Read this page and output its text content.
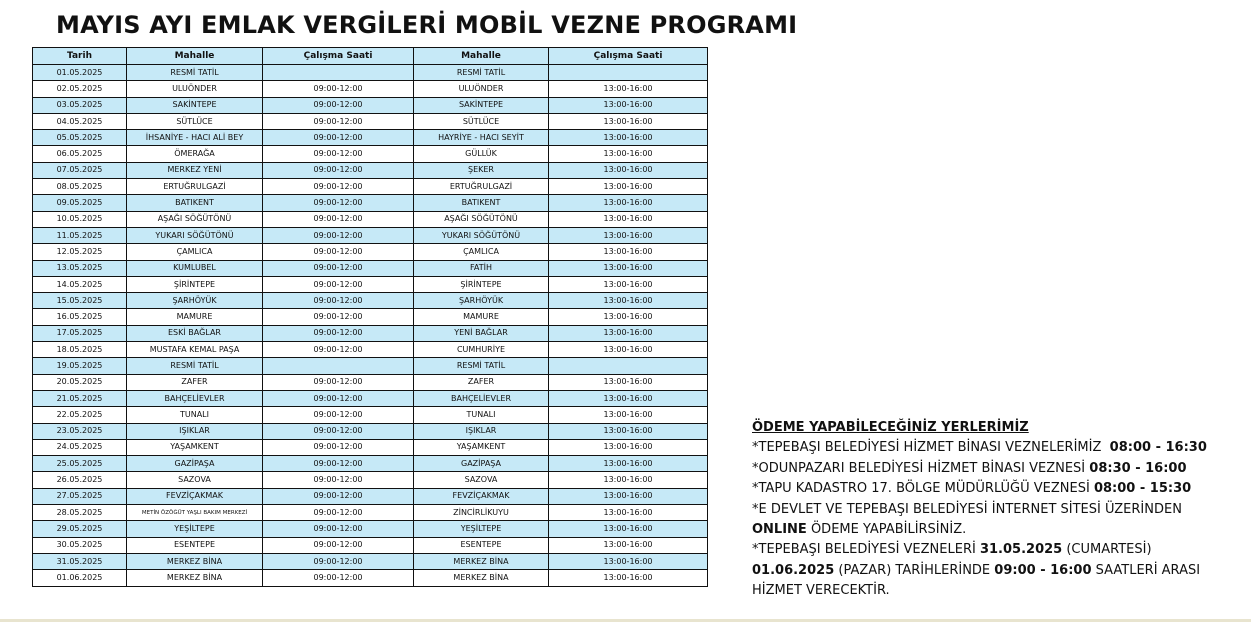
MAYIS AYI EMLAK VERGİLERİ MOBİL VEZNE PROGRAMI
Tarih	Mahalle	Çalışma Saati	Mahalle	Çalışma Saati
01.05.2025	RESMİ TATİL		RESMİ TATİL	
02.05.2025	ULUÖNDER	09:00-12:00	ULUÖNDER	13:00-16:00
03.05.2025	SAKİNTEPE	09:00-12:00	SAKİNTEPE	13:00-16:00
04.05.2025	SÜTLÜCE	09:00-12:00	SÜTLÜCE	13:00-16:00
05.05.2025	İHSANİYE - HACI ALİ BEY	09:00-12:00	HAYRİYE - HACI SEYİT	13:00-16:00
06.05.2025	ÖMERAĞA	09:00-12:00	GÜLLÜK	13:00-16:00
07.05.2025	MERKEZ YENİ	09:00-12:00	ŞEKER	13:00-16:00
08.05.2025	ERTUĞRULGAZİ	09:00-12:00	ERTUĞRULGAZİ	13:00-16:00
09.05.2025	BATIKENT	09:00-12:00	BATIKENT	13:00-16:00
10.05.2025	AŞAĞI SÖĞÜTÖNÜ	09:00-12:00	AŞAĞI SÖĞÜTÖNÜ	13:00-16:00
11.05.2025	YUKARI SÖĞÜTÖNÜ	09:00-12:00	YUKARI SÖĞÜTÖNÜ	13:00-16:00
12.05.2025	ÇAMLICA	09:00-12:00	ÇAMLICA	13:00-16:00
13.05.2025	KUMLUBEL	09:00-12:00	FATİH	13:00-16:00
14.05.2025	ŞİRİNTEPE	09:00-12:00	ŞİRİNTEPE	13:00-16:00
15.05.2025	ŞARHÖYÜK	09:00-12:00	ŞARHÖYÜK	13:00-16:00
16.05.2025	MAMURE	09:00-12:00	MAMURE	13:00-16:00
17.05.2025	ESKİ BAĞLAR	09:00-12:00	YENİ BAĞLAR	13:00-16:00
18.05.2025	MUSTAFA KEMAL PAŞA	09:00-12:00	CUMHURİYE	13:00-16:00
19.05.2025	RESMİ TATİL		RESMİ TATİL	
20.05.2025	ZAFER	09:00-12:00	ZAFER	13:00-16:00
21.05.2025	BAHÇELİEVLER	09:00-12:00	BAHÇELİEVLER	13:00-16:00
22.05.2025	TUNALI	09:00-12:00	TUNALI	13:00-16:00
23.05.2025	IŞIKLAR	09:00-12:00	IŞIKLAR	13:00-16:00
24.05.2025	YAŞAMKENT	09:00-12:00	YAŞAMKENT	13:00-16:00
25.05.2025	GAZİPAŞA	09:00-12:00	GAZİPAŞA	13:00-16:00
26.05.2025	SAZOVA	09:00-12:00	SAZOVA	13:00-16:00
27.05.2025	FEVZİÇAKMAK	09:00-12:00	FEVZİÇAKMAK	13:00-16:00
28.05.2025	METİN ÖZÖĞÜT YAŞLI BAKIM MERKEZİ	09:00-12:00	ZİNCİRLİKUYU	13:00-16:00
29.05.2025	YEŞİLTEPE	09:00-12:00	YEŞİLTEPE	13:00-16:00
30.05.2025	ESENTEPE	09:00-12:00	ESENTEPE	13:00-16:00
31.05.2025	MERKEZ BİNA	09:00-12:00	MERKEZ BİNA	13:00-16:00
01.06.2025	MERKEZ BİNA	09:00-12:00	MERKEZ BİNA	13:00-16:00

ÖDEME YAPABİLECEĞİNİZ YERLERİMİZ

*TEPEBAŞI BELEDİYESİ HİZMET BİNASI VEZNELERİMİZ 08:00 - 16:30

*ODUNPAZARI BELEDİYESİ HİZMET BİNASI VEZNESİ 08:30 - 16:00

*TAPU KADASTRO 17. BÖLGE MÜDÜRLÜĞÜ VEZNESİ 08:00 - 15:30

*E DEVLET VE TEPEBAŞI BELEDİYESİ İNTERNET SİTESİ ÜZERİNDEN

ONLINE ÖDEME YAPABİLİRSİNİZ.

*TEPEBAŞI BELEDİYESİ VEZNELERİ 31.05.2025 (CUMARTESİ)

01.06.2025 (PAZAR) TARİHLERİNDE 09:00 - 16:00 SAATLERİ ARASI

HİZMET VERECEKTİR.
